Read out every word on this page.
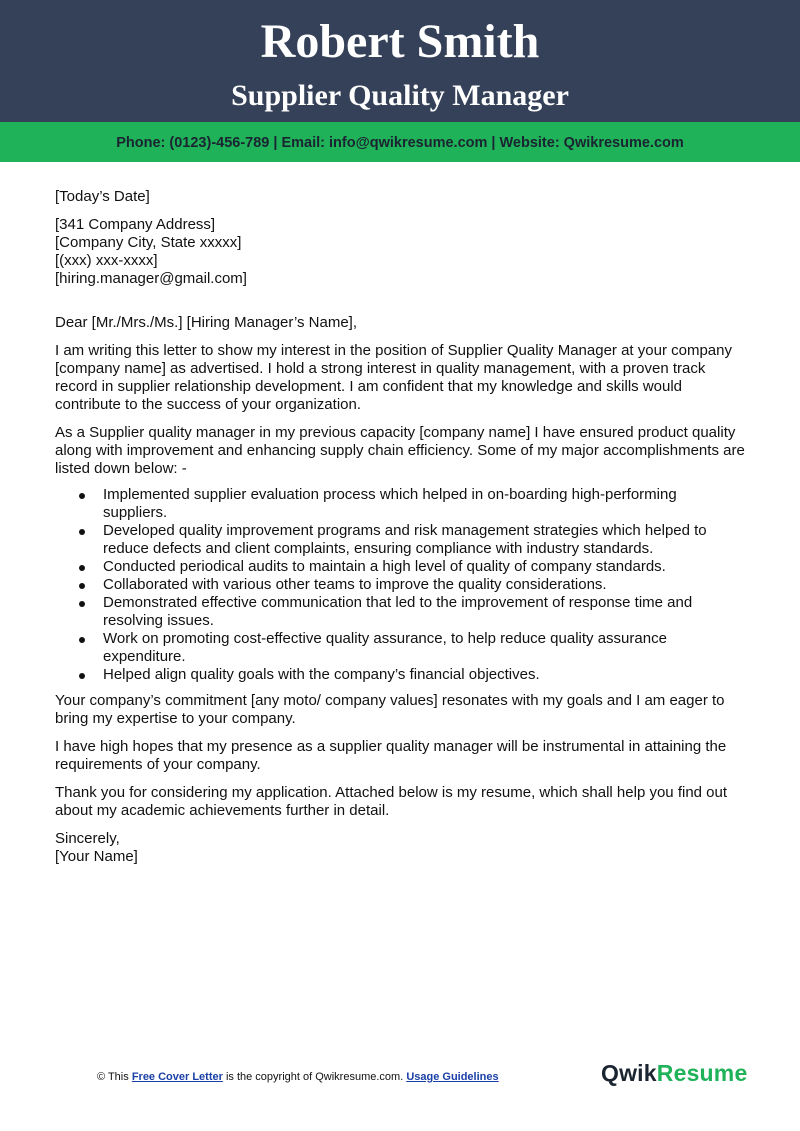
Robert Smith
Supplier Quality Manager
Phone: (0123)-456-789 | Email: info@qwikresume.com | Website: Qwikresume.com

[Today’s Date]

[341 Company Address]
[Company City, State xxxxx]
[(xxx) xxx-xxxx]
[hiring.manager@gmail.com]

Dear [Mr./Mrs./Ms.] [Hiring Manager’s Name],

I am writing this letter to show my interest in the position of Supplier Quality Manager at your company [company name] as advertised. I hold a strong interest in quality management, with a proven track record in supplier relationship development. I am confident that my knowledge and skills would contribute to the success of your organization.

As a Supplier quality manager in my previous capacity [company name] I have ensured product quality along with improvement and enhancing supply chain efficiency. Some of my major accomplishments are listed down below: -

Implemented supplier evaluation process which helped in on-boarding high-performing suppliers.
Developed quality improvement programs and risk management strategies which helped to reduce defects and client complaints, ensuring compliance with industry standards.
Conducted periodical audits to maintain a high level of quality of company standards.
Collaborated with various other teams to improve the quality considerations.
Demonstrated effective communication that led to the improvement of response time and resolving issues.
Work on promoting cost-effective quality assurance, to help reduce quality assurance expenditure.
Helped align quality goals with the company’s financial objectives.

Your company’s commitment [any moto/ company values] resonates with my goals and I am eager to bring my expertise to your company.

I have high hopes that my presence as a supplier quality manager will be instrumental in attaining the requirements of your company.

Thank you for considering my application. Attached below is my resume, which shall help you find out about my academic achievements further in detail.

Sincerely,
[Your Name]

© This Free Cover Letter is the copyright of Qwikresume.com. Usage Guidelines	QwikResume
